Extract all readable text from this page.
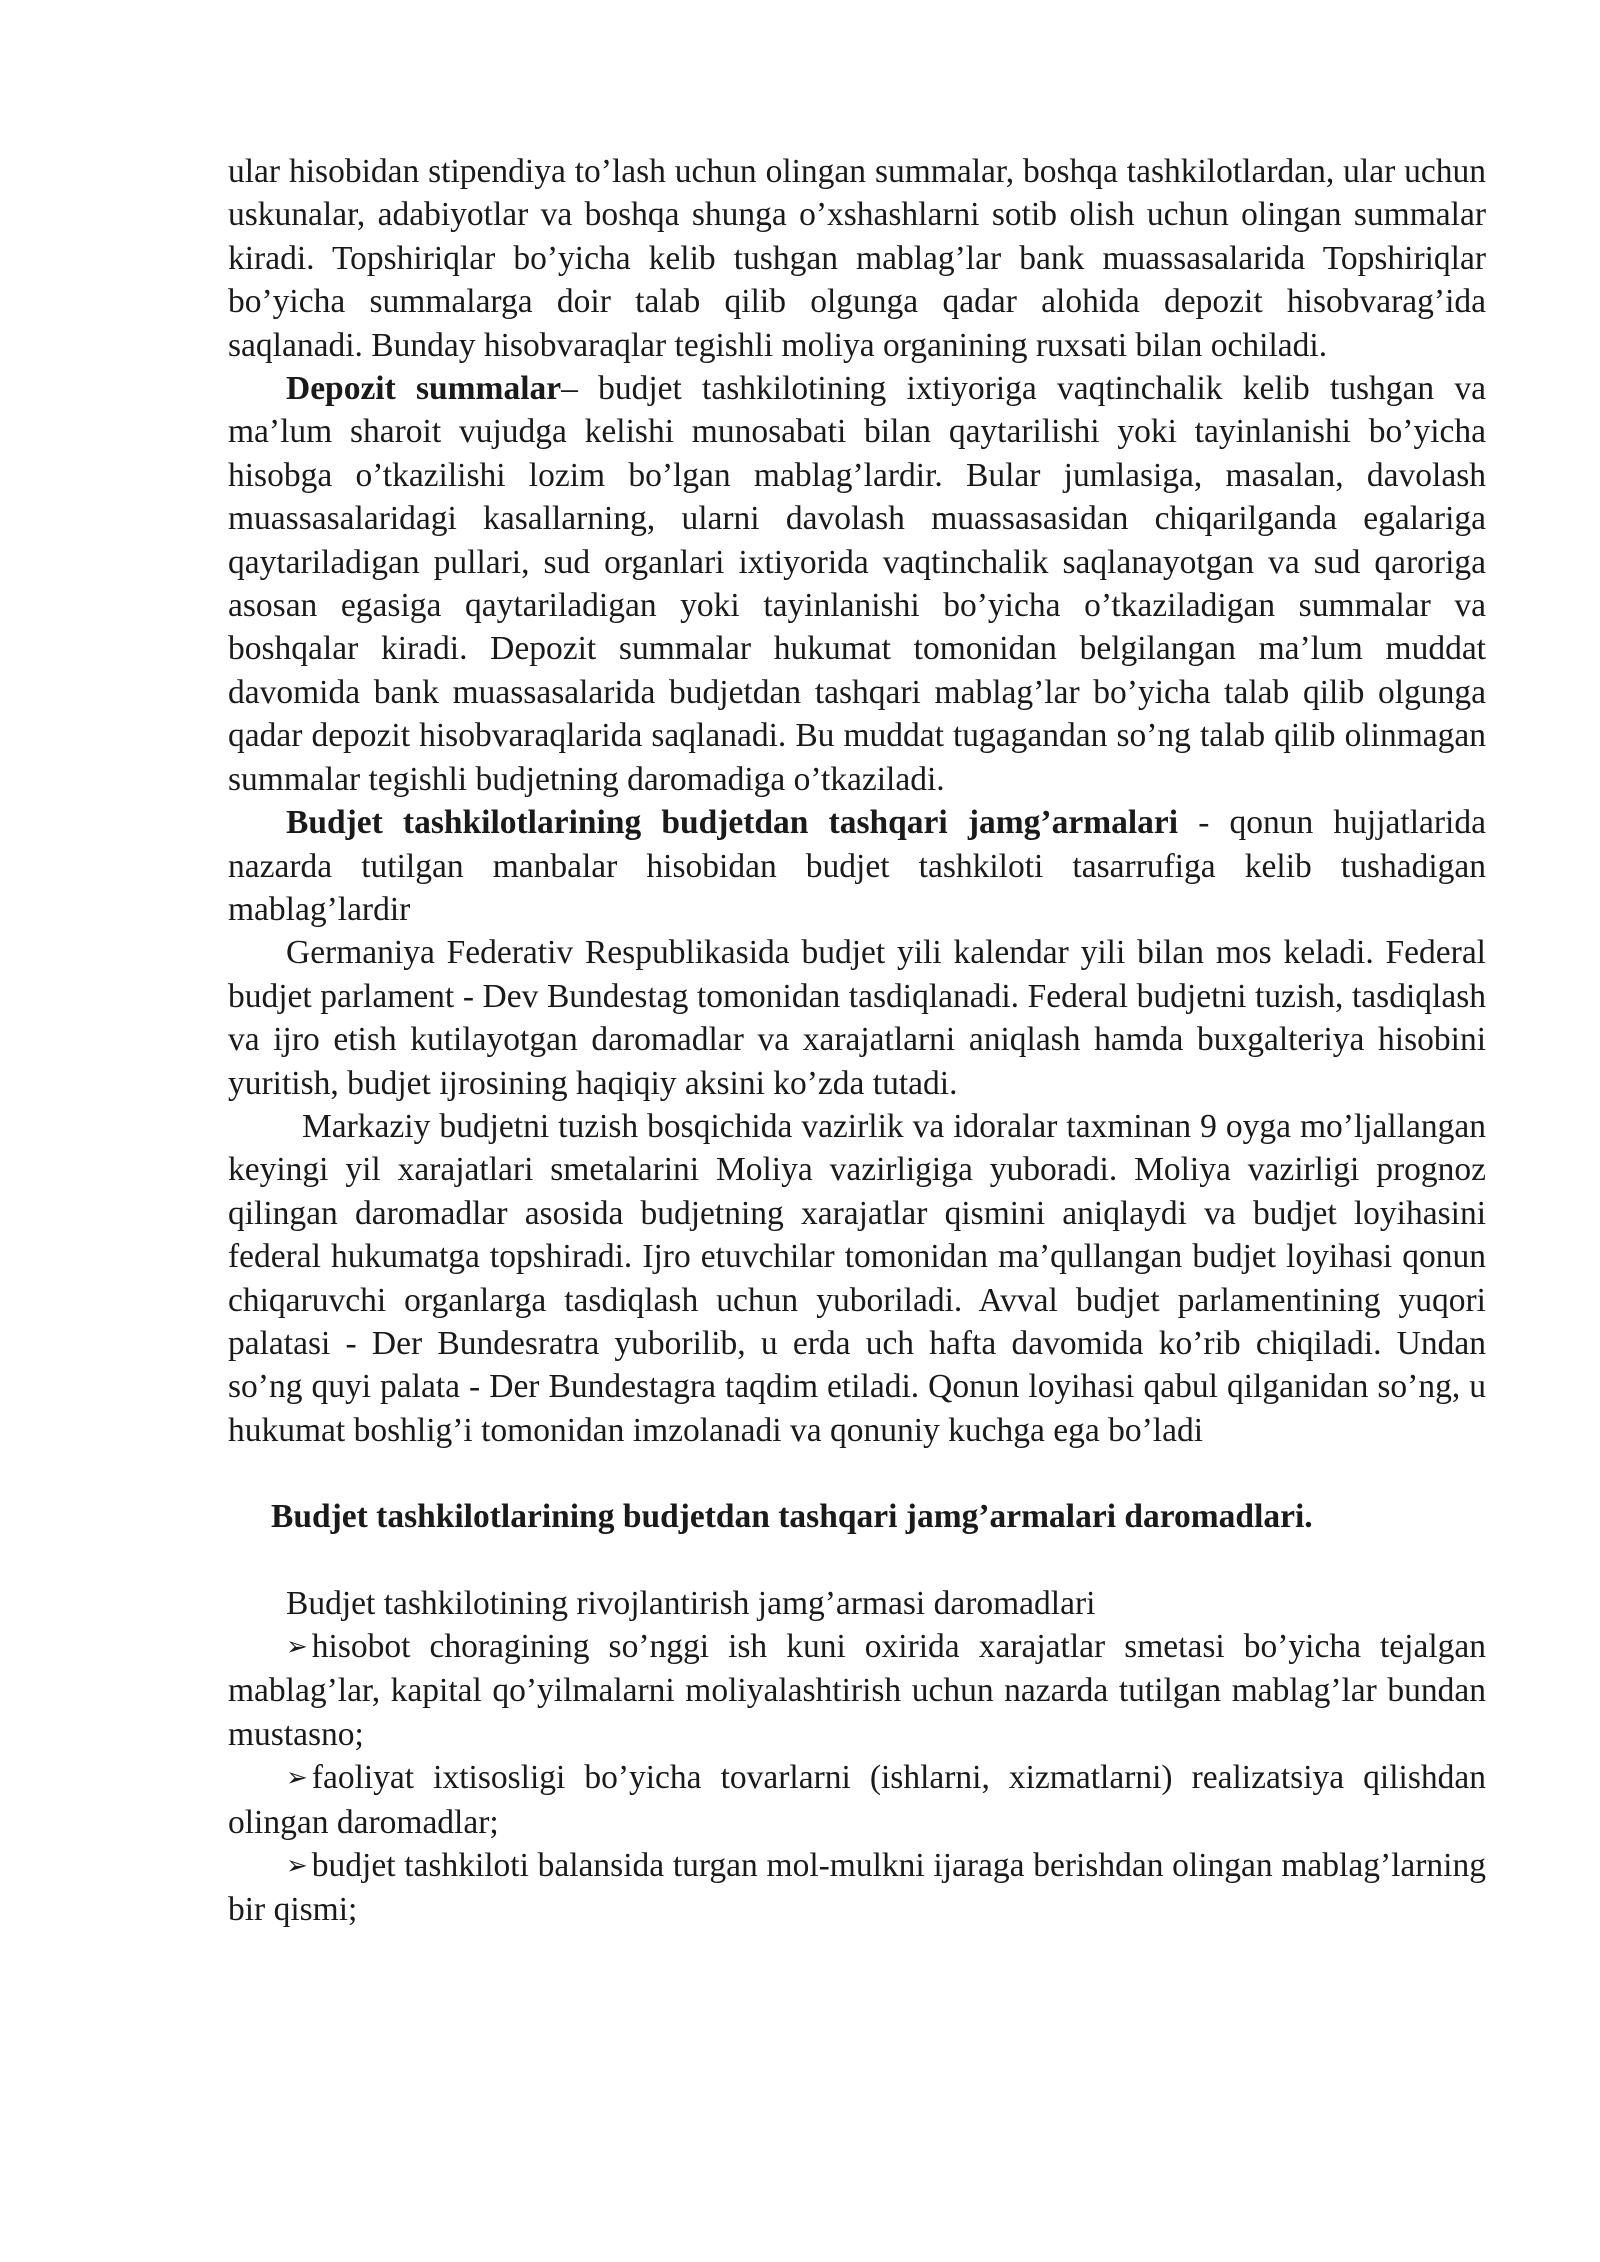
ular hisobidan stipendiya to’lash uchun olingan summalar, boshqa tashkilotlardan, ular uchun uskunalar, adabiyotlar va boshqa shunga o’xshashlarni sotib olish uchun olingan summalar kiradi. Topshiriqlar bo’yicha kelib tushgan mablag’lar bank muassasalarida Topshiriqlar bo’yicha summalarga doir talab qilib olgunga qadar alohida depozit hisobvarag’ida saqlanadi. Bunday hisobvaraqlar tegishli moliya organining ruxsati bilan ochiladi.

Depozit summalar– budjet tashkilotining ixtiyoriga vaqtinchalik kelib tushgan va ma’lum sharoit vujudga kelishi munosabati bilan qaytarilishi yoki tayinlanishi bo’yicha hisobga o’tkazilishi lozim bo’lgan mablag’lardir. Bular jumlasiga, masalan, davolash muassasalaridagi kasallarning, ularni davolash muassasasidan chiqarilganda egalariga qaytariladigan pullari, sud organlari ixtiyorida vaqtinchalik saqlanayotgan va sud qaroriga asosan egasiga qaytariladigan yoki tayinlanishi bo’yicha o’tkaziladigan summalar va boshqalar kiradi. Depozit summalar hukumat tomonidan belgilangan ma’lum muddat davomida bank muassasalarida budjetdan tashqari mablag’lar bo’yicha talab qilib olgunga qadar depozit hisobvaraqlarida saqlanadi. Bu muddat tugagandan so’ng talab qilib olinmagan summalar tegishli budjetning daromadiga o’tkaziladi.

Budjet tashkilotlarining budjetdan tashqari jamg’armalari - qonun hujjatlarida nazarda tutilgan manbalar hisobidan budjet tashkiloti tasarrufiga kelib tushadigan mablag’lardir

Germaniya Federativ Respublikasida budjet yili kalendar yili bilan mos keladi. Federal budjet parlament - Dev Bundestag tomonidan tasdiqlanadi. Federal budjetni tuzish, tasdiqlash va ijro etish kutilayotgan daromadlar va xarajatlarni aniqlash hamda buxgalteriya hisobini yuritish, budjet ijrosining haqiqiy aksini ko’zda tutadi.

Markaziy budjetni tuzish bosqichida vazirlik va idoralar taxminan 9 oyga mo’ljallangan keyingi yil xarajatlari smetalarini Moliya vazirligiga yuboradi. Moliya vazirligi prognoz qilingan daromadlar asosida budjetning xarajatlar qismini aniqlaydi va budjet loyihasini federal hukumatga topshiradi. Ijro etuvchilar tomonidan ma’qullangan budjet loyihasi qonun chiqaruvchi organlarga tasdiqlash uchun yuboriladi. Avval budjet parlamentining yuqori palatasi - Der Bundesratra yuborilib, u erda uch hafta davomida ko’rib chiqiladi. Undan so’ng quyi palata - Der Bundestagra taqdim etiladi. Qonun loyihasi qabul qilganidan so’ng, u hukumat boshlig’i tomonidan imzolanadi va qonuniy kuchga ega bo’ladi

Budjet tashkilotlarining budjetdan tashqari jamg’armalari daromadlari.

Budjet tashkilotining rivojlantirish jamg’armasi daromadlari

➢ hisobot choragining so’nggi ish kuni oxirida xarajatlar smetasi bo’yicha tejalgan mablag’lar, kapital qo’yilmalarni moliyalashtirish uchun nazarda tutilgan mablag’lar bundan mustasno;

➢ faoliyat ixtisosligi bo’yicha tovarlarni (ishlarni, xizmatlarni) realizatsiya qilishdan olingan daromadlar;

➢ budjet tashkiloti balansida turgan mol-mulkni ijaraga berishdan olingan mablag’larning bir qismi;
